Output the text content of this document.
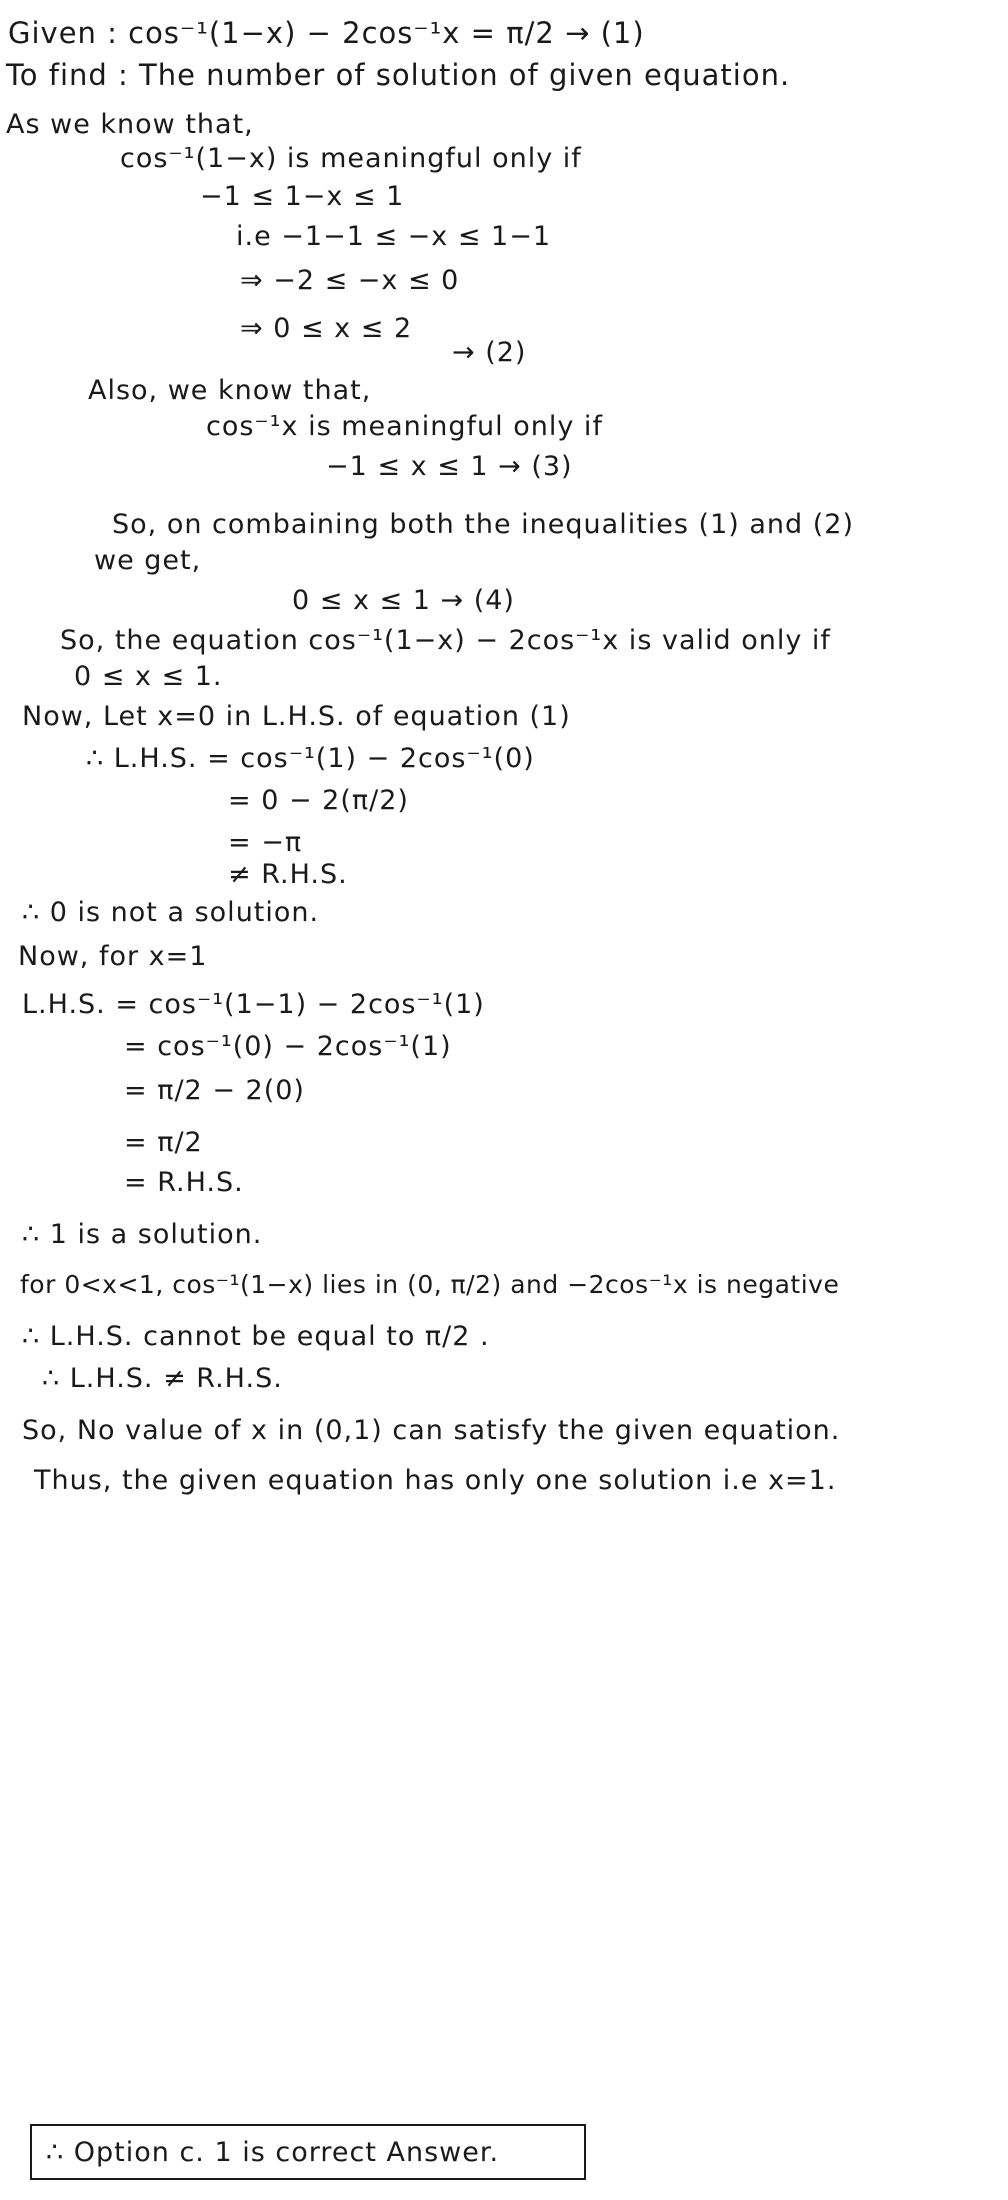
Given : cos⁻¹(1−x) − 2cos⁻¹x = π/2 → (1)
To find : The number of solution of given equation.
As we know that,
cos⁻¹(1−x) is meaningful only if
−1 ≤ 1−x ≤ 1
i.e −1−1 ≤ −x ≤ 1−1
⇒ −2 ≤ −x ≤ 0
⇒ 0 ≤ x ≤ 2
→ (2)
Also, we know that,
cos⁻¹x is meaningful only if
−1 ≤ x ≤ 1 → (3)
So, on combaining both the inequalities (1) and (2)
we get,
0 ≤ x ≤ 1 → (4)
So, the equation cos⁻¹(1−x) − 2cos⁻¹x is valid only if
0 ≤ x ≤ 1.
Now, Let x=0 in L.H.S. of equation (1)
∴ L.H.S. = cos⁻¹(1) − 2cos⁻¹(0)
= 0 − 2(π/2)
= −π
≠ R.H.S.
∴ 0 is not a solution.
Now, for x=1
L.H.S. = cos⁻¹(1−1) − 2cos⁻¹(1)
= cos⁻¹(0) − 2cos⁻¹(1)
= π/2 − 2(0)
= π/2
= R.H.S.
∴ 1 is a solution.
for 0<x<1, cos⁻¹(1−x) lies in (0, π/2) and −2cos⁻¹x is negative
∴ L.H.S. cannot be equal to π/2 .
∴ L.H.S. ≠ R.H.S.
So, No value of x in (0,1) can satisfy the given equation.
Thus, the given equation has only one solution i.e x=1.
∴ Option c. 1 is correct Answer.
